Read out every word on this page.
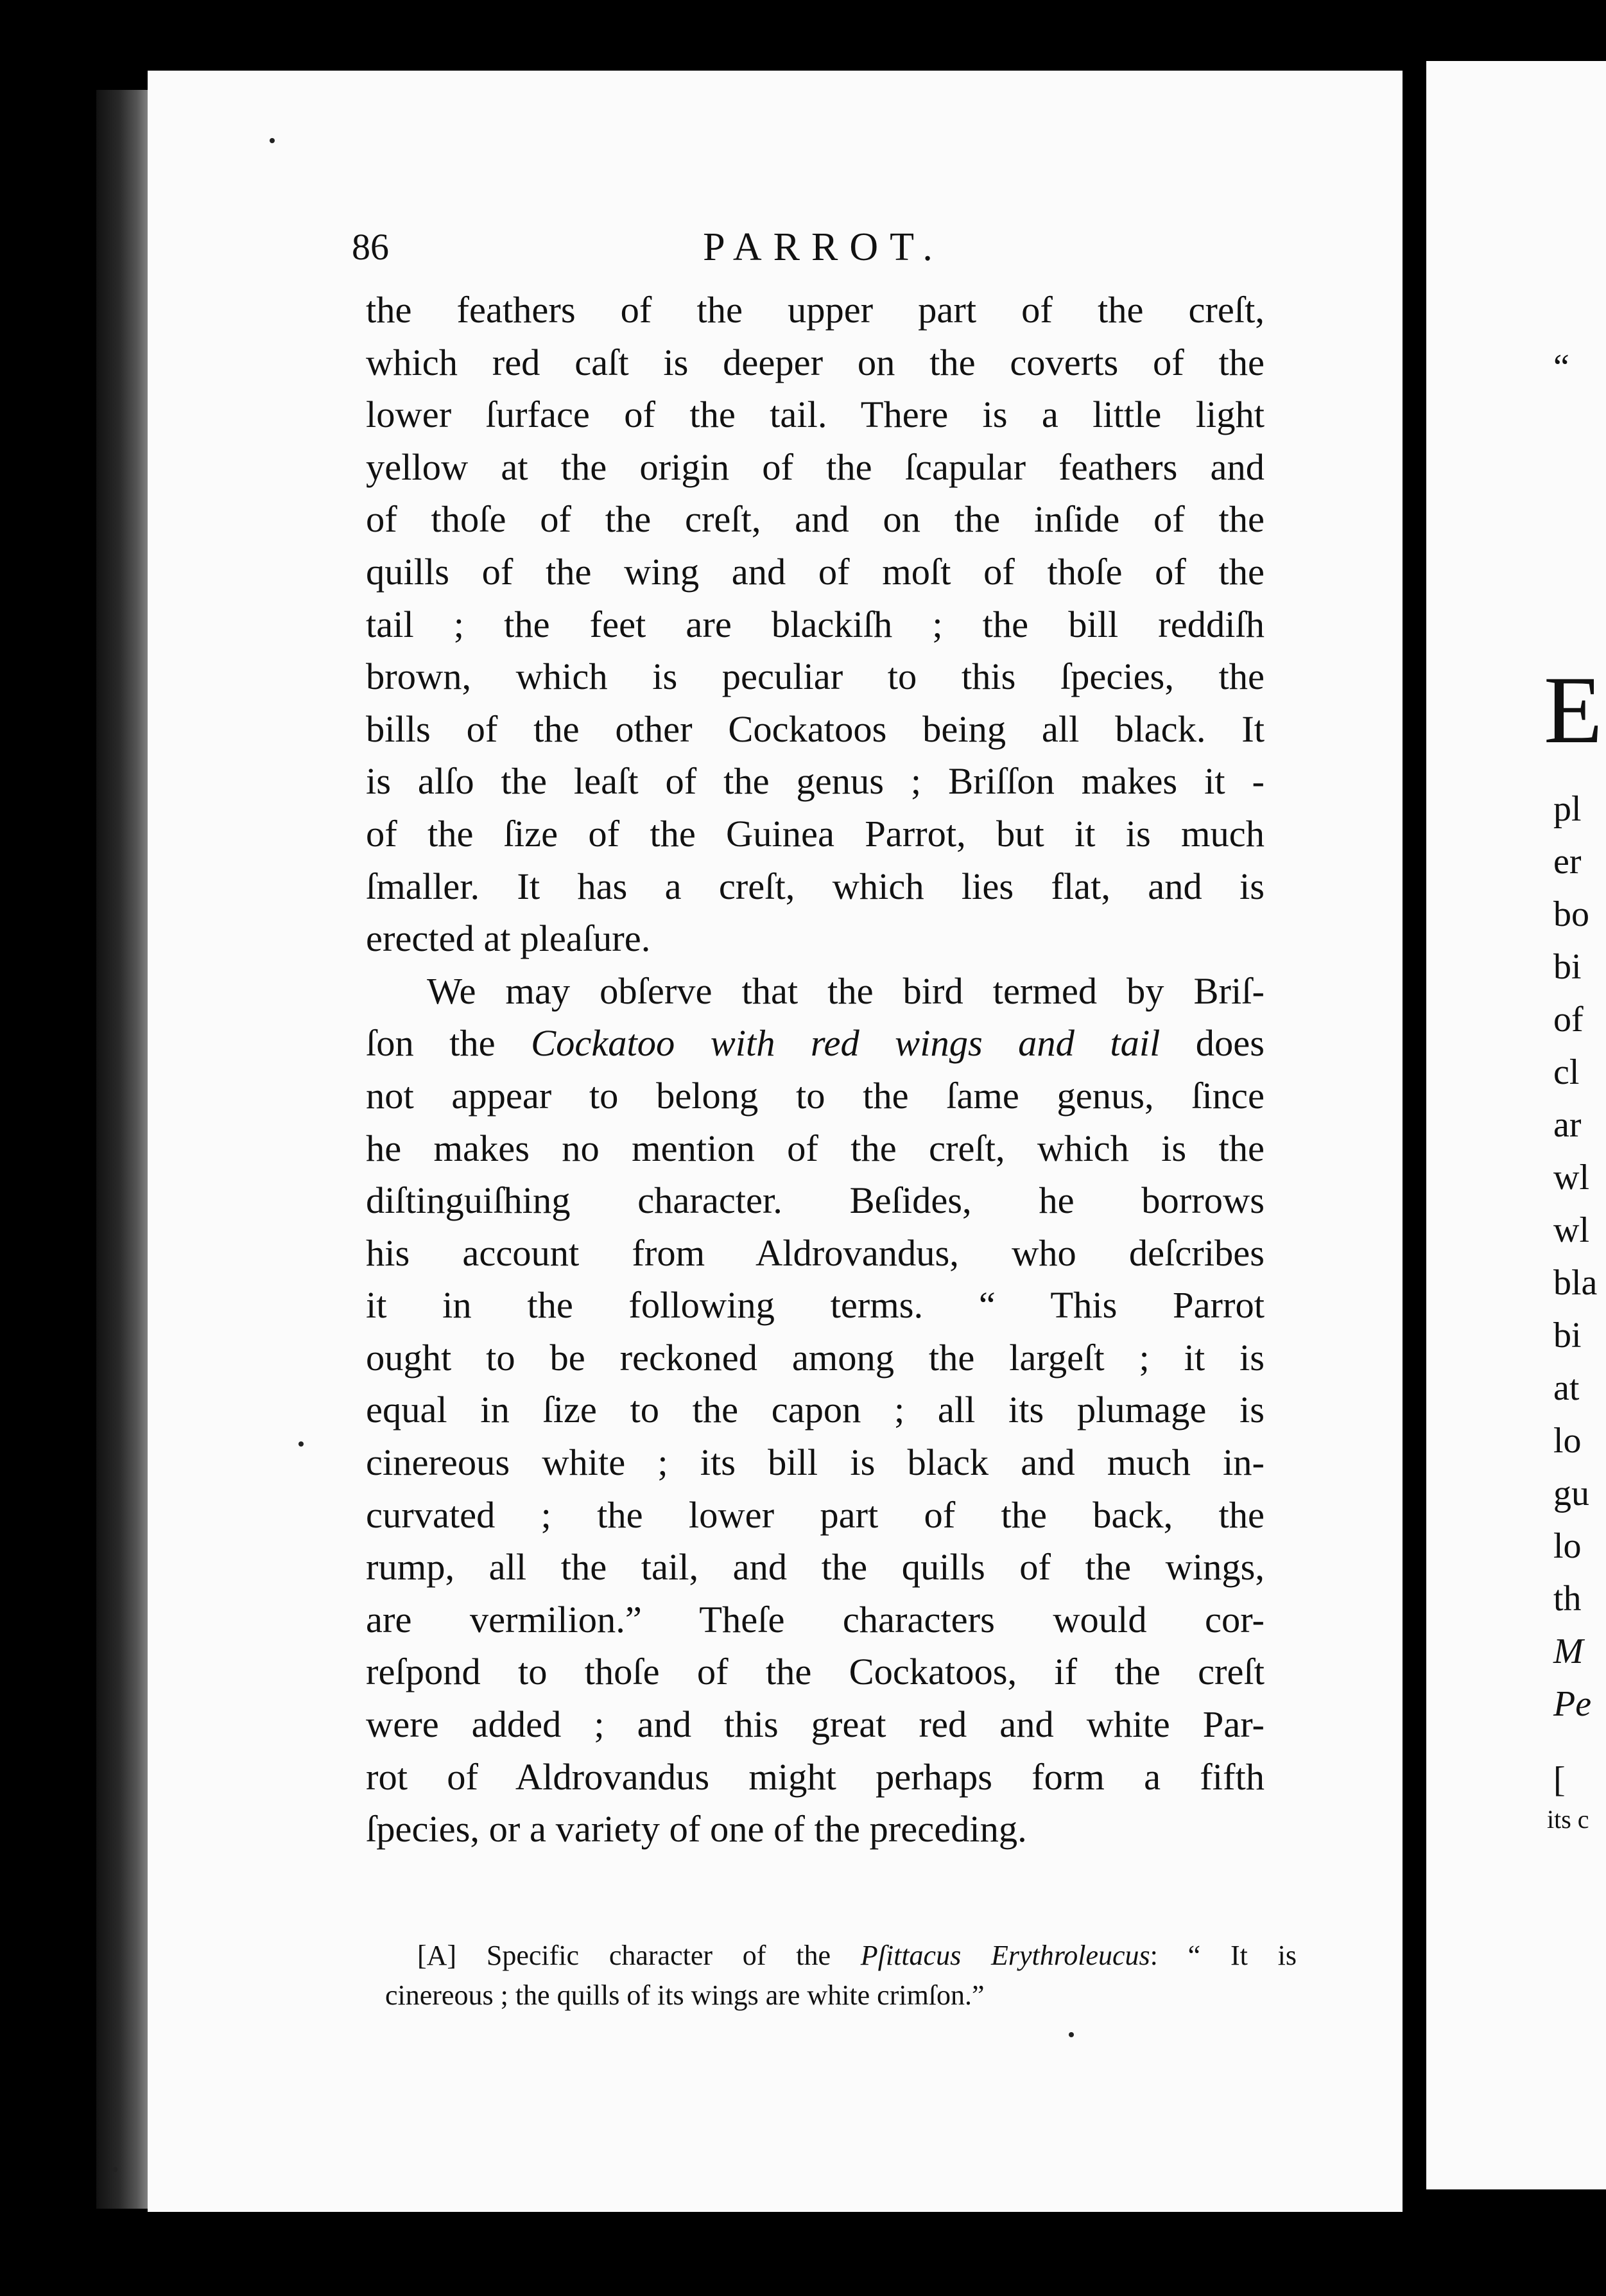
86	PARROT.
the feathers of the upper part of the creſt,
which red caſt is deeper on the coverts of the
lower ſurface of the tail. There is a little light
yellow at the origin of the ſcapular feathers and
of thoſe of the creſt, and on the inſide of the
quills of the wing and of moſt of thoſe of the
tail ; the feet are blackiſh ; the bill reddiſh
brown, which is peculiar to this ſpecies, the
bills of the other Cockatoos being all black. It
is alſo the leaſt of the genus ; Briſſon makes it -
of the ſize of the Guinea Parrot, but it is much
ſmaller. It has a creſt, which lies flat, and is
erected at pleaſure.
We may obſerve that the bird termed by Briſ-
ſon the Cockatoo with red wings and tail does
not appear to belong to the ſame genus, ſince
he makes no mention of the creſt, which is the
diſtinguiſhing character. Beſides, he borrows
his account from Aldrovandus, who deſcribes
it in the following terms. “ This Parrot
ought to be reckoned among the largeſt ; it is
equal in ſize to the capon ; all its plumage is
cinereous white ; its bill is black and much in-
curvated ; the lower part of the back, the
rump, all the tail, and the quills of the wings,
are vermilion.” Theſe characters would cor-
reſpond to thoſe of the Cockatoos, if the creſt
were added ; and this great red and white Par-
rot of Aldrovandus might perhaps form a fifth
ſpecies, or a variety of one of the preceding.
[A] Specific character of the Pſittacus Erythroleucus: “ It is
cinereous ; the quills of its wings are white crimſon.”
“
E
pl
er
bo
bi
of
cl
ar
wl
wl
bla
bi
at
lo
gu
lo
th
M
Pe
[
its c
